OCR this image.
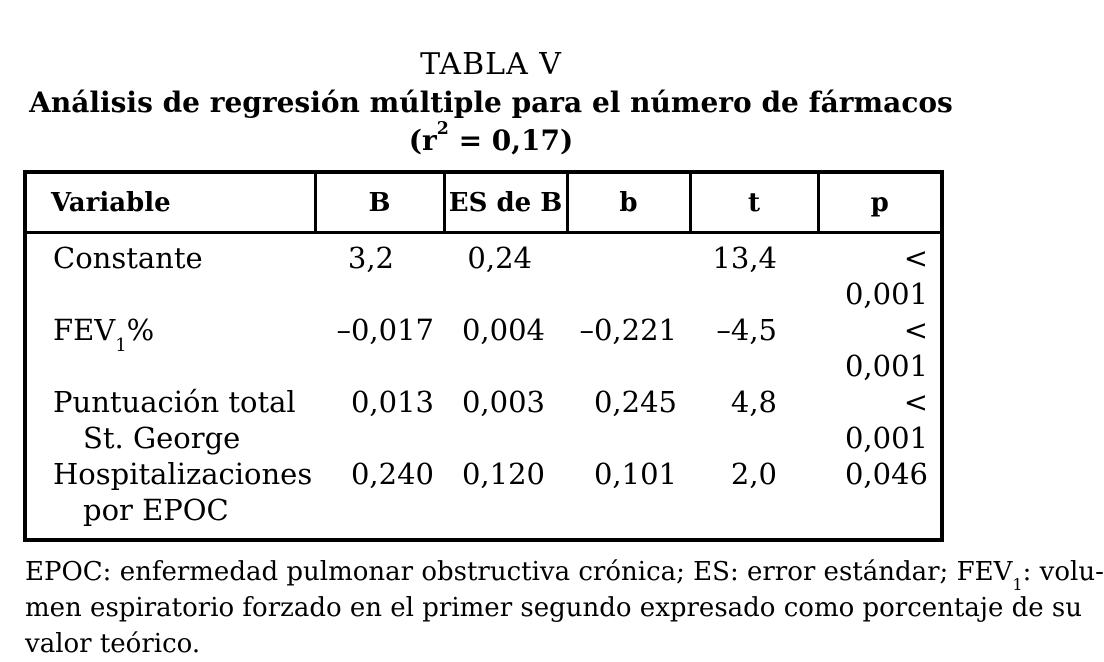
TABLA V
Análisis de regresión múltiple para el número de fármacos
$(r^2 = 0,17)$
Variable	B	ES de B	b	t	p

Constante	3,2	0,24		13,4	< 0,001

$FEV_1\%$	–0,017	0,004	–0,221	–4,5	< 0,001

Puntuación total
St. George	0,013	0,003	0,245	4,8	< 0,001

Hospitalizaciones
por EPOC	0,240	0,120	0,101	2,0	0,046
EPOC: enfermedad pulmonar obstructiva crónica; ES: error estándar; $FEV_1$: volu-
men espiratorio forzado en el primer segundo expresado como porcentaje de su
valor teórico.
